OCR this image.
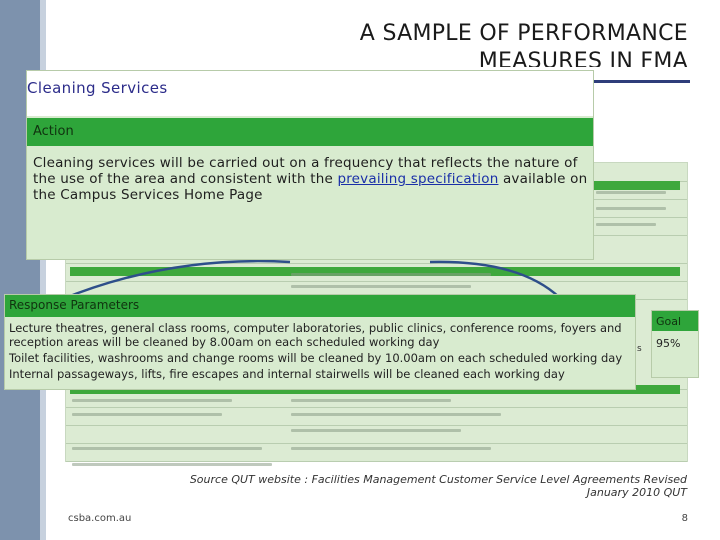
A SAMPLE OF PERFORMANCE
MEASURES IN FMA
Cleaning Services
Action
Cleaning services will be carried out on a frequency that reflects the nature of the use of the area and consistent with the prevailing specification available on the Campus Services Home Page
Response Parameters

Lecture theatres, general class rooms, computer laboratories, public clinics, conference rooms, foyers and reception areas will be cleaned by 8.00am on each scheduled working day

Toilet facilities, washrooms and change rooms will be cleaned by 10.00am on each scheduled working day

Internal passageways, lifts, fire escapes and internal stairwells will be cleaned each working day

s
Goal
95%
Source QUT website : Facilities Management Customer Service Level Agreements Revised
January 2010 QUT
csba.com.au	8
